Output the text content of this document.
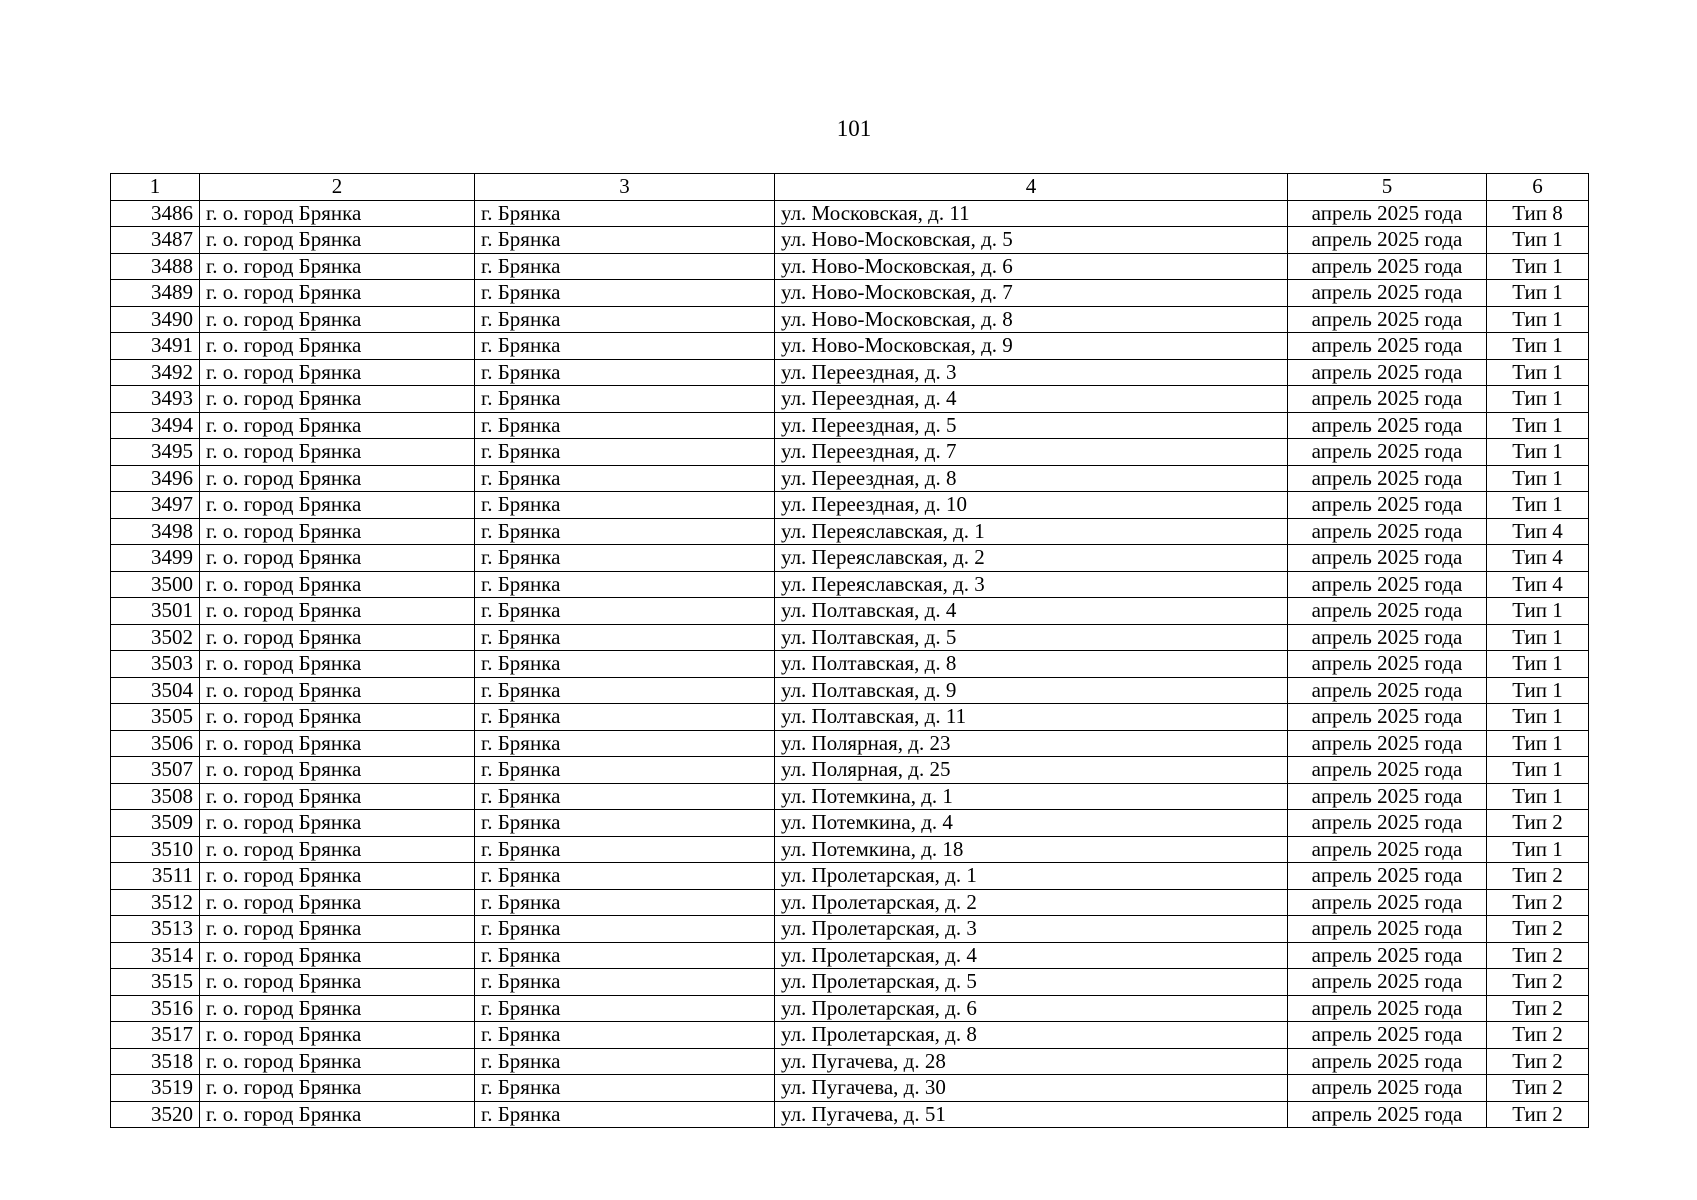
101
1	2	3	4	5	6
3486	г. о. город Брянка	г. Брянка	ул. Московская, д. 11	апрель 2025 года	Тип 8
3487	г. о. город Брянка	г. Брянка	ул. Ново-Московская, д. 5	апрель 2025 года	Тип 1
3488	г. о. город Брянка	г. Брянка	ул. Ново-Московская, д. 6	апрель 2025 года	Тип 1
3489	г. о. город Брянка	г. Брянка	ул. Ново-Московская, д. 7	апрель 2025 года	Тип 1
3490	г. о. город Брянка	г. Брянка	ул. Ново-Московская, д. 8	апрель 2025 года	Тип 1
3491	г. о. город Брянка	г. Брянка	ул. Ново-Московская, д. 9	апрель 2025 года	Тип 1
3492	г. о. город Брянка	г. Брянка	ул. Переездная, д. 3	апрель 2025 года	Тип 1
3493	г. о. город Брянка	г. Брянка	ул. Переездная, д. 4	апрель 2025 года	Тип 1
3494	г. о. город Брянка	г. Брянка	ул. Переездная, д. 5	апрель 2025 года	Тип 1
3495	г. о. город Брянка	г. Брянка	ул. Переездная, д. 7	апрель 2025 года	Тип 1
3496	г. о. город Брянка	г. Брянка	ул. Переездная, д. 8	апрель 2025 года	Тип 1
3497	г. о. город Брянка	г. Брянка	ул. Переездная, д. 10	апрель 2025 года	Тип 1
3498	г. о. город Брянка	г. Брянка	ул. Переяславская, д. 1	апрель 2025 года	Тип 4
3499	г. о. город Брянка	г. Брянка	ул. Переяславская, д. 2	апрель 2025 года	Тип 4
3500	г. о. город Брянка	г. Брянка	ул. Переяславская, д. 3	апрель 2025 года	Тип 4
3501	г. о. город Брянка	г. Брянка	ул. Полтавская, д. 4	апрель 2025 года	Тип 1
3502	г. о. город Брянка	г. Брянка	ул. Полтавская, д. 5	апрель 2025 года	Тип 1
3503	г. о. город Брянка	г. Брянка	ул. Полтавская, д. 8	апрель 2025 года	Тип 1
3504	г. о. город Брянка	г. Брянка	ул. Полтавская, д. 9	апрель 2025 года	Тип 1
3505	г. о. город Брянка	г. Брянка	ул. Полтавская, д. 11	апрель 2025 года	Тип 1
3506	г. о. город Брянка	г. Брянка	ул. Полярная, д. 23	апрель 2025 года	Тип 1
3507	г. о. город Брянка	г. Брянка	ул. Полярная, д. 25	апрель 2025 года	Тип 1
3508	г. о. город Брянка	г. Брянка	ул. Потемкина, д. 1	апрель 2025 года	Тип 1
3509	г. о. город Брянка	г. Брянка	ул. Потемкина, д. 4	апрель 2025 года	Тип 2
3510	г. о. город Брянка	г. Брянка	ул. Потемкина, д. 18	апрель 2025 года	Тип 1
3511	г. о. город Брянка	г. Брянка	ул. Пролетарская, д. 1	апрель 2025 года	Тип 2
3512	г. о. город Брянка	г. Брянка	ул. Пролетарская, д. 2	апрель 2025 года	Тип 2
3513	г. о. город Брянка	г. Брянка	ул. Пролетарская, д. 3	апрель 2025 года	Тип 2
3514	г. о. город Брянка	г. Брянка	ул. Пролетарская, д. 4	апрель 2025 года	Тип 2
3515	г. о. город Брянка	г. Брянка	ул. Пролетарская, д. 5	апрель 2025 года	Тип 2
3516	г. о. город Брянка	г. Брянка	ул. Пролетарская, д. 6	апрель 2025 года	Тип 2
3517	г. о. город Брянка	г. Брянка	ул. Пролетарская, д. 8	апрель 2025 года	Тип 2
3518	г. о. город Брянка	г. Брянка	ул. Пугачева, д. 28	апрель 2025 года	Тип 2
3519	г. о. город Брянка	г. Брянка	ул. Пугачева, д. 30	апрель 2025 года	Тип 2
3520	г. о. город Брянка	г. Брянка	ул. Пугачева, д. 51	апрель 2025 года	Тип 2
